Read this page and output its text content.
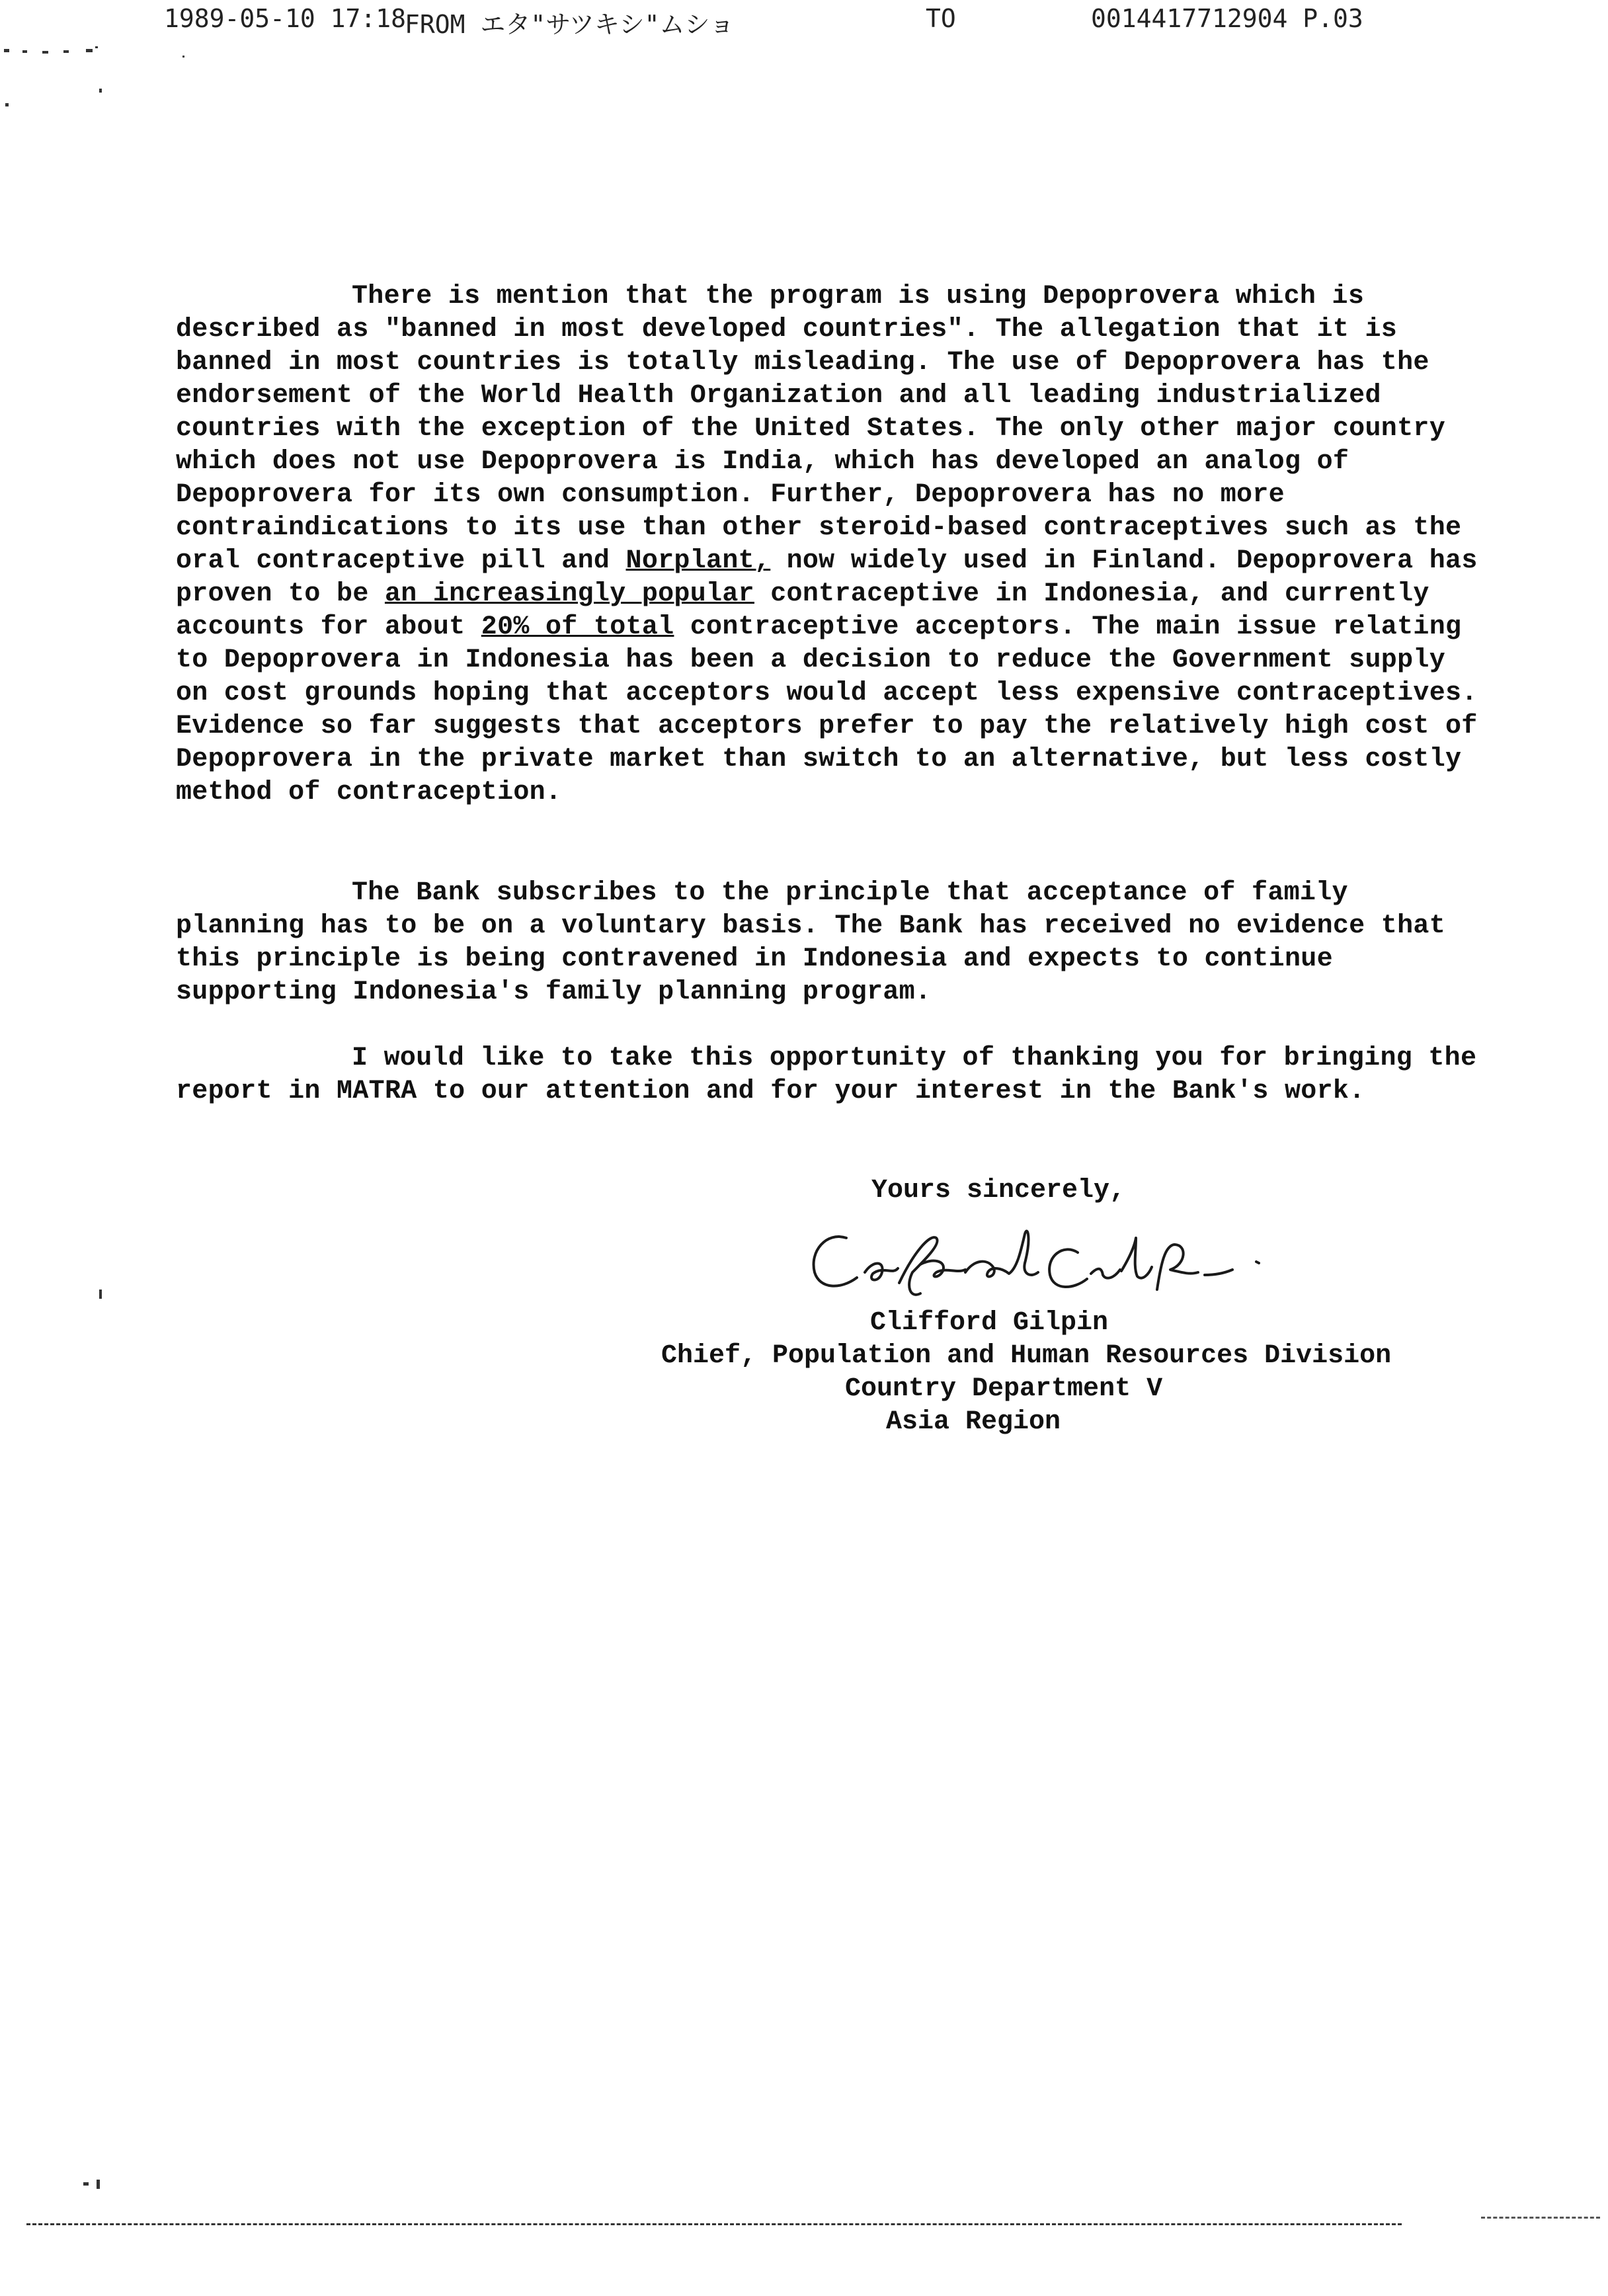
1989-05-10 17:18
FROM エタ"サツキシ"ムショ	TO	0014417712904 P.03

There is mention that the program is using Depoprovera which is described as "banned in most developed countries". The allegation that it is banned in most countries is totally misleading. The use of Depoprovera has the endorsement of the World Health Organization and all leading industrialized countries with the exception of the United States. The only other major country which does not use Depoprovera is India, which has developed an analog of Depoprovera for its own consumption. Further, Depoprovera has no more contraindications to its use than other steroid-based contraceptives such as the oral contraceptive pill and Norplant, now widely used in Finland. Depoprovera has proven to be an increasingly popular contraceptive in Indonesia, and currently accounts for about 20% of total contraceptive acceptors. The main issue relating to Depoprovera in Indonesia has been a decision to reduce the Government supply on cost grounds hoping that acceptors would accept less expensive contraceptives. Evidence so far suggests that acceptors prefer to pay the relatively high cost of Depoprovera in the private market than switch to an alternative, but less costly method of contraception.

The Bank subscribes to the principle that acceptance of family planning has to be on a voluntary basis. The Bank has received no evidence that this principle is being contravened in Indonesia and expects to continue supporting Indonesia's family planning program.

I would like to take this opportunity of thanking you for bringing the report in MATRA to our attention and for your interest in the Bank's work.

Yours sincerely,
Clifford Gilpin
Chief, Population and Human Resources Division
Country Department V
Asia Region
